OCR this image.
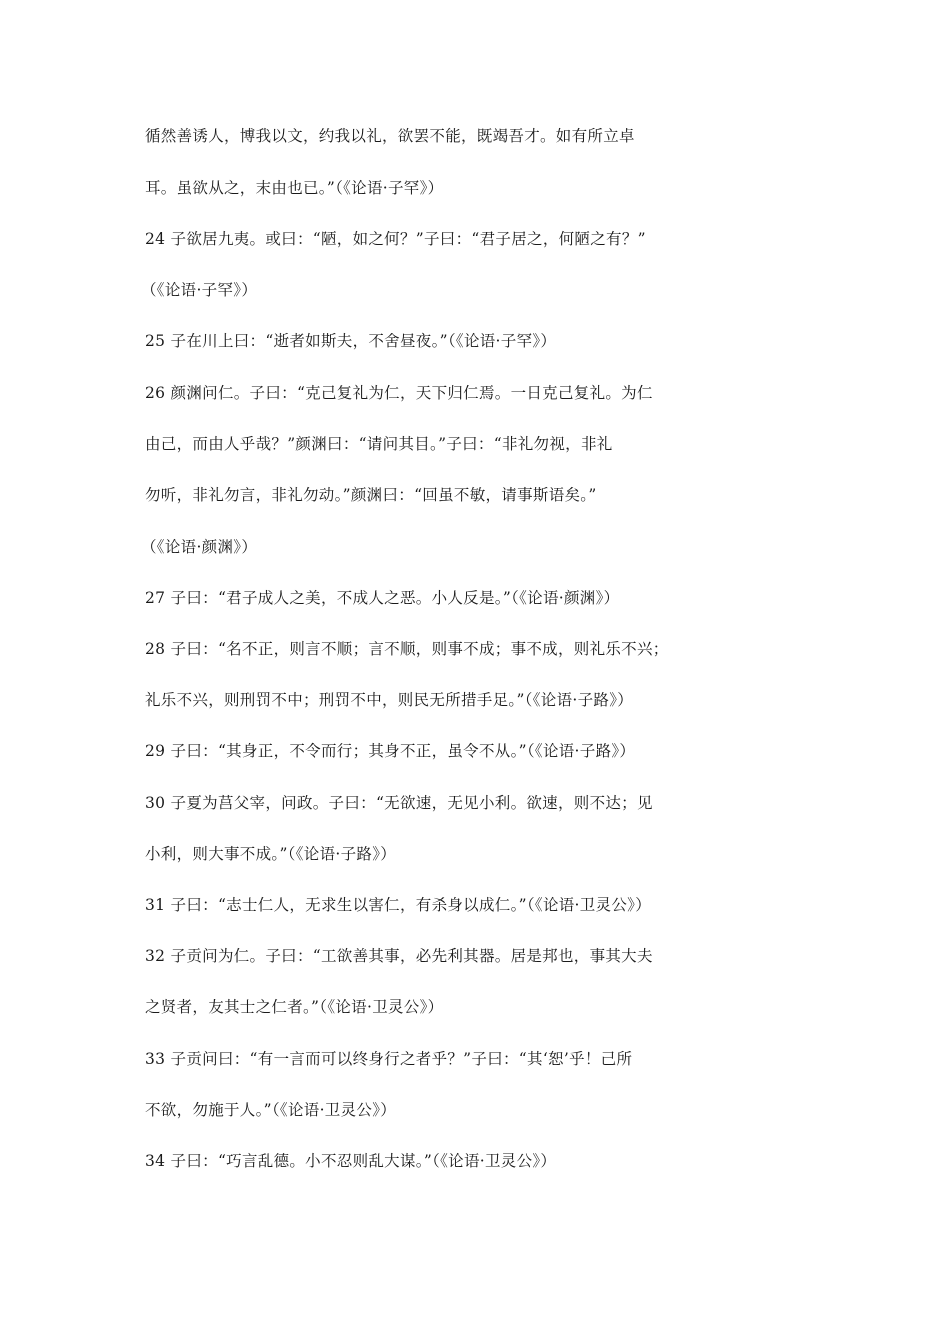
循然善诱人，博我以文，约我以礼，欲罢不能，既竭吾才。如有所立卓
耳。虽欲从之，末由也已。”（《论语·子罕》）
24 子欲居九夷。或曰：“陋，如之何？”子曰：“君子居之，何陋之有？”
（《论语·子罕》）
25 子在川上曰：“逝者如斯夫，不舍昼夜。”（《论语·子罕》）
26 颜渊问仁。子曰：“克己复礼为仁，天下归仁焉。一日克己复礼。为仁
由己，而由人乎哉？”颜渊曰：“请问其目。”子曰：“非礼勿视，非礼
勿听，非礼勿言，非礼勿动。”颜渊曰：“回虽不敏，请事斯语矣。”
（《论语·颜渊》）
27 子曰：“君子成人之美，不成人之恶。小人反是。”（《论语·颜渊》）
28 子曰：“名不正，则言不顺；言不顺，则事不成；事不成，则礼乐不兴；
礼乐不兴，则刑罚不中；刑罚不中，则民无所措手足。”（《论语·子路》）
29 子曰：“其身正，不令而行；其身不正，虽令不从。”（《论语·子路》）
30 子夏为莒父宰，问政。子曰：“无欲速，无见小利。欲速，则不达；见
小利，则大事不成。”（《论语·子路》）
31 子曰：“志士仁人，无求生以害仁，有杀身以成仁。”（《论语·卫灵公》）
32 子贡问为仁。子曰：“工欲善其事，必先利其器。居是邦也，事其大夫
之贤者，友其士之仁者。”（《论语·卫灵公》）
33 子贡问曰：“有一言而可以终身行之者乎？”子曰：“其‘恕’乎！己所
不欲，勿施于人。”（《论语·卫灵公》）
34 子曰：“巧言乱德。小不忍则乱大谋。”（《论语·卫灵公》）
